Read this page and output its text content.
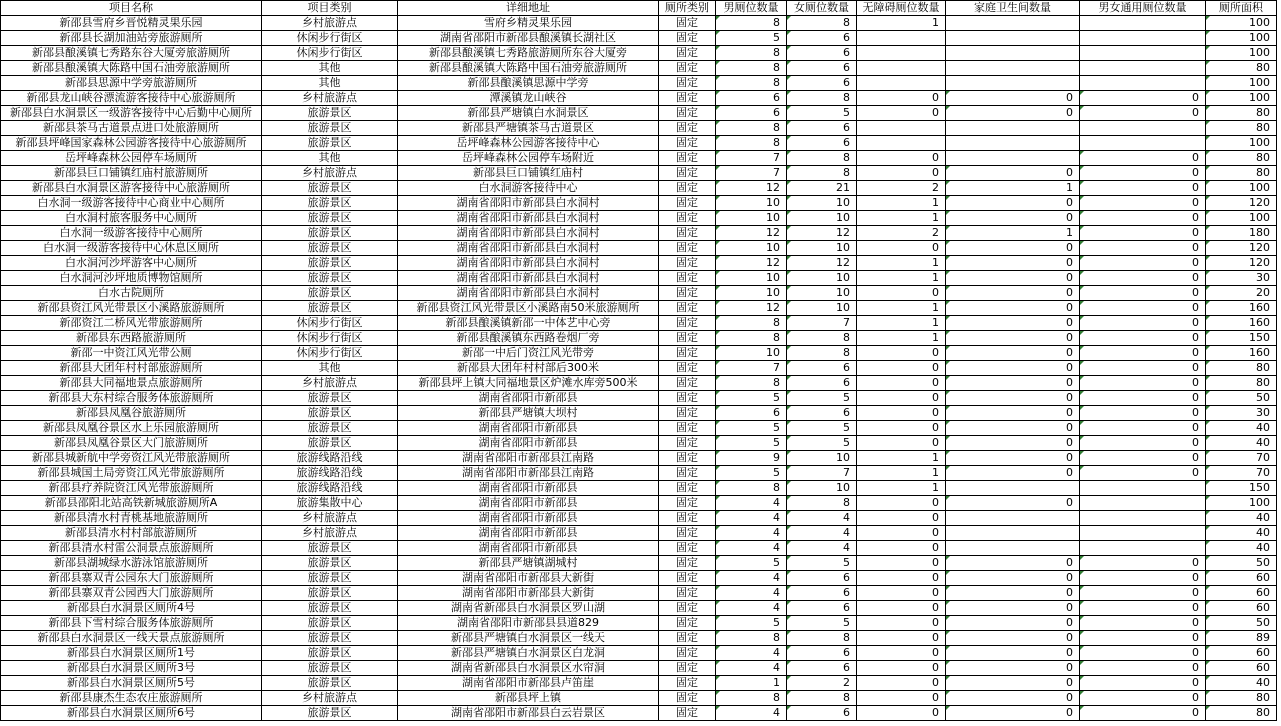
项目名称	项目类别	详细地址	厕所类别	男厕位数量	女厕位数量	无障碍厕位数量	家庭卫生间数量	男女通用厕位数量	厕所面积
新邵县雪府乡晋悦精灵果乐园	乡村旅游点	雪府乡精灵果乐园	固定	8	8	1			100
新邵县长湖加油站旁旅游厕所	休闲步行街区	湖南省邵阳市新邵县酿溪镇长湖社区	固定	5	6				100
新邵县酿溪镇七秀路东谷大厦旁旅游厕所	休闲步行街区	新邵县酿溪镇七秀路旅游厕所东谷大厦旁	固定	8	6				100
新邵县酿溪镇大陈路中国石油旁旅游厕所	其他	新邵县酿溪镇大陈路中国石油旁旅游厕所	固定	8	6				80
新邵县思源中学旁旅游厕所	其他	新邵县酿溪镇思源中学旁	固定	8	6				100
新邵县龙山峡谷漂流游客接待中心旅游厕所	乡村旅游点	潭溪镇龙山峡谷	固定	6	8	0	0	0	100
新邵县白水洞景区一级游客接待中心后勤中心厕所	旅游景区	新邵县严塘镇白水洞景区	固定	6	5	0	0	0	80
新邵县茶马古道景点进口处旅游厕所	旅游景区	新邵县严塘镇茶马古道景区	固定	8	6				80
新邵县坪峰国家森林公园游客接待中心旅游厕所	旅游景区	岳坪峰森林公园游客接待中心	固定	8	6				100
岳坪峰森林公园停车场厕所	其他	岳坪峰森林公园停车场附近	固定	7	8	0		0	80
新邵县巨口铺镇红庙村旅游厕所	乡村旅游点	新邵县巨口铺镇红庙村	固定	7	8	0	0	0	80
新邵县白水洞景区游客接待中心旅游厕所	旅游景区	白水洞游客接待中心	固定	12	21	2	1	0	100
白水洞一级游客接待中心商业中心厕所	旅游景区	湖南省邵阳市新邵县白水洞村	固定	10	10	1	0	0	120
白水洞村旅客服务中心厕所	旅游景区	湖南省邵阳市新邵县白水洞村	固定	10	10	1	0	0	100
白水洞一级游客接待中心厕所	旅游景区	湖南省邵阳市新邵县白水洞村	固定	12	12	2	1	0	180
白水洞一级游客接待中心休息区厕所	旅游景区	湖南省邵阳市新邵县白水洞村	固定	10	10	0	0	0	120
白水洞河沙坪游客中心厕所	旅游景区	湖南省邵阳市新邵县白水洞村	固定	12	12	1	0	0	120
白水洞河沙坪地质博物馆厕所	旅游景区	湖南省邵阳市新邵县白水洞村	固定	10	10	1	0	0	30
白水古院厕所	旅游景区	湖南省邵阳市新邵县白水洞村	固定	10	10	0	0	0	20
新邵县资江风光带景区小溪路旅游厕所	旅游景区	新邵县资江风光带景区小溪路南50米旅游厕所	固定	12	10	1	0	0	160
新邵资江二桥风光带旅游厕所	休闲步行街区	新邵县酿溪镇新邵一中体艺中心旁	固定	8	7	1	0	0	160
新邵县东西路旅游厕所	休闲步行街区	新邵县酿溪镇东西路卷烟厂旁	固定	8	8	1	0	0	150
新邵一中资江风光带公厕	休闲步行街区	新邵一中后门资江风光带旁	固定	10	8	0	0	0	160
新邵县大团年村村部旅游厕所	其他	新邵县大团年村村部后300米	固定	7	6	0	0	0	80
新邵县大同福地景点旅游厕所	乡村旅游点	新邵县坪上镇大同福地景区炉滩水库旁500米	固定	8	6	0	0	0	80
新邵县大东村综合服务体旅游厕所	旅游景区	湖南省邵阳市新邵县	固定	5	5	0	0	0	50
新邵县凤凰谷旅游厕所	旅游景区	新邵县严塘镇大坝村	固定	6	6	0	0	0	30
新邵县凤凰谷景区水上乐园旅游厕所	旅游景区	湖南省邵阳市新邵县	固定	5	5	0	0	0	40
新邵县凤凰谷景区大门旅游厕所	旅游景区	湖南省邵阳市新邵县	固定	5	5	0	0	0	40
新邵县城新航中学旁资江风光带旅游厕所	旅游线路沿线	湖南省邵阳市新邵县江南路	固定	9	10	1	0	0	70
新邵县城国土局旁资江风光带旅游厕所	旅游线路沿线	湖南省邵阳市新邵县江南路	固定	5	7	1	0	0	70
新邵县疗养院资江风光带旅游厕所	旅游线路沿线	湖南省邵阳市新邵县	固定	8	10	1			150
新邵县邵阳北站高铁新城旅游厕所A	旅游集散中心	湖南省邵阳市新邵县	固定	4	8	0	0		100
新邵县清水村青桃基地旅游厕所	乡村旅游点	湖南省邵阳市新邵县	固定	4	4	0			40
新邵县清水村村部旅游厕所	乡村旅游点	湖南省邵阳市新邵县	固定	4	4	0			40
新邵县清水村雷公洞景点旅游厕所	旅游景区	湖南省邵阳市新邵县	固定	4	4	0			40
新邵县湖城绿水游泳馆旅游厕所	旅游景区	新邵县严塘镇湖城村	固定	5	5	0	0	0	50
新邵县寨双青公园东大门旅游厕所	旅游景区	湖南省邵阳市新邵县大新街	固定	4	6	0	0	0	60
新邵县寨双青公园西大门旅游厕所	旅游景区	湖南省邵阳市新邵县大新街	固定	4	6	0	0	0	60
新邵县白水洞景区厕所4号	旅游景区	湖南省新邵县白水洞景区罗山湖	固定	4	6	0	0	0	60
新邵县下雪村综合服务体旅游厕所	旅游景区	湖南省邵阳市新邵县县道829	固定	5	5	0	0	0	50
新邵县白水洞景区一线天景点旅游厕所	旅游景区	新邵县严塘镇白水洞景区一线天	固定	8	8	0	0	0	89
新邵县白水洞景区厕所1号	旅游景区	新邵县严塘镇白水洞景区白龙洞	固定	4	6	0	0	0	60
新邵县白水洞景区厕所3号	旅游景区	湖南省新邵县白水洞景区水帘洞	固定	4	6	0	0	0	60
新邵县白水洞景区厕所5号	旅游景区	湖南省邵阳市新邵县卢笛崖	固定	1	2	0	0	0	40
新邵县康杰生态农庄旅游厕所	乡村旅游点	新邵县坪上镇	固定	8	8	0	0	0	80
新邵县白水洞景区厕所6号	旅游景区	湖南省邵阳市新邵县白云岩景区	固定	4	6	0	0	0	80
